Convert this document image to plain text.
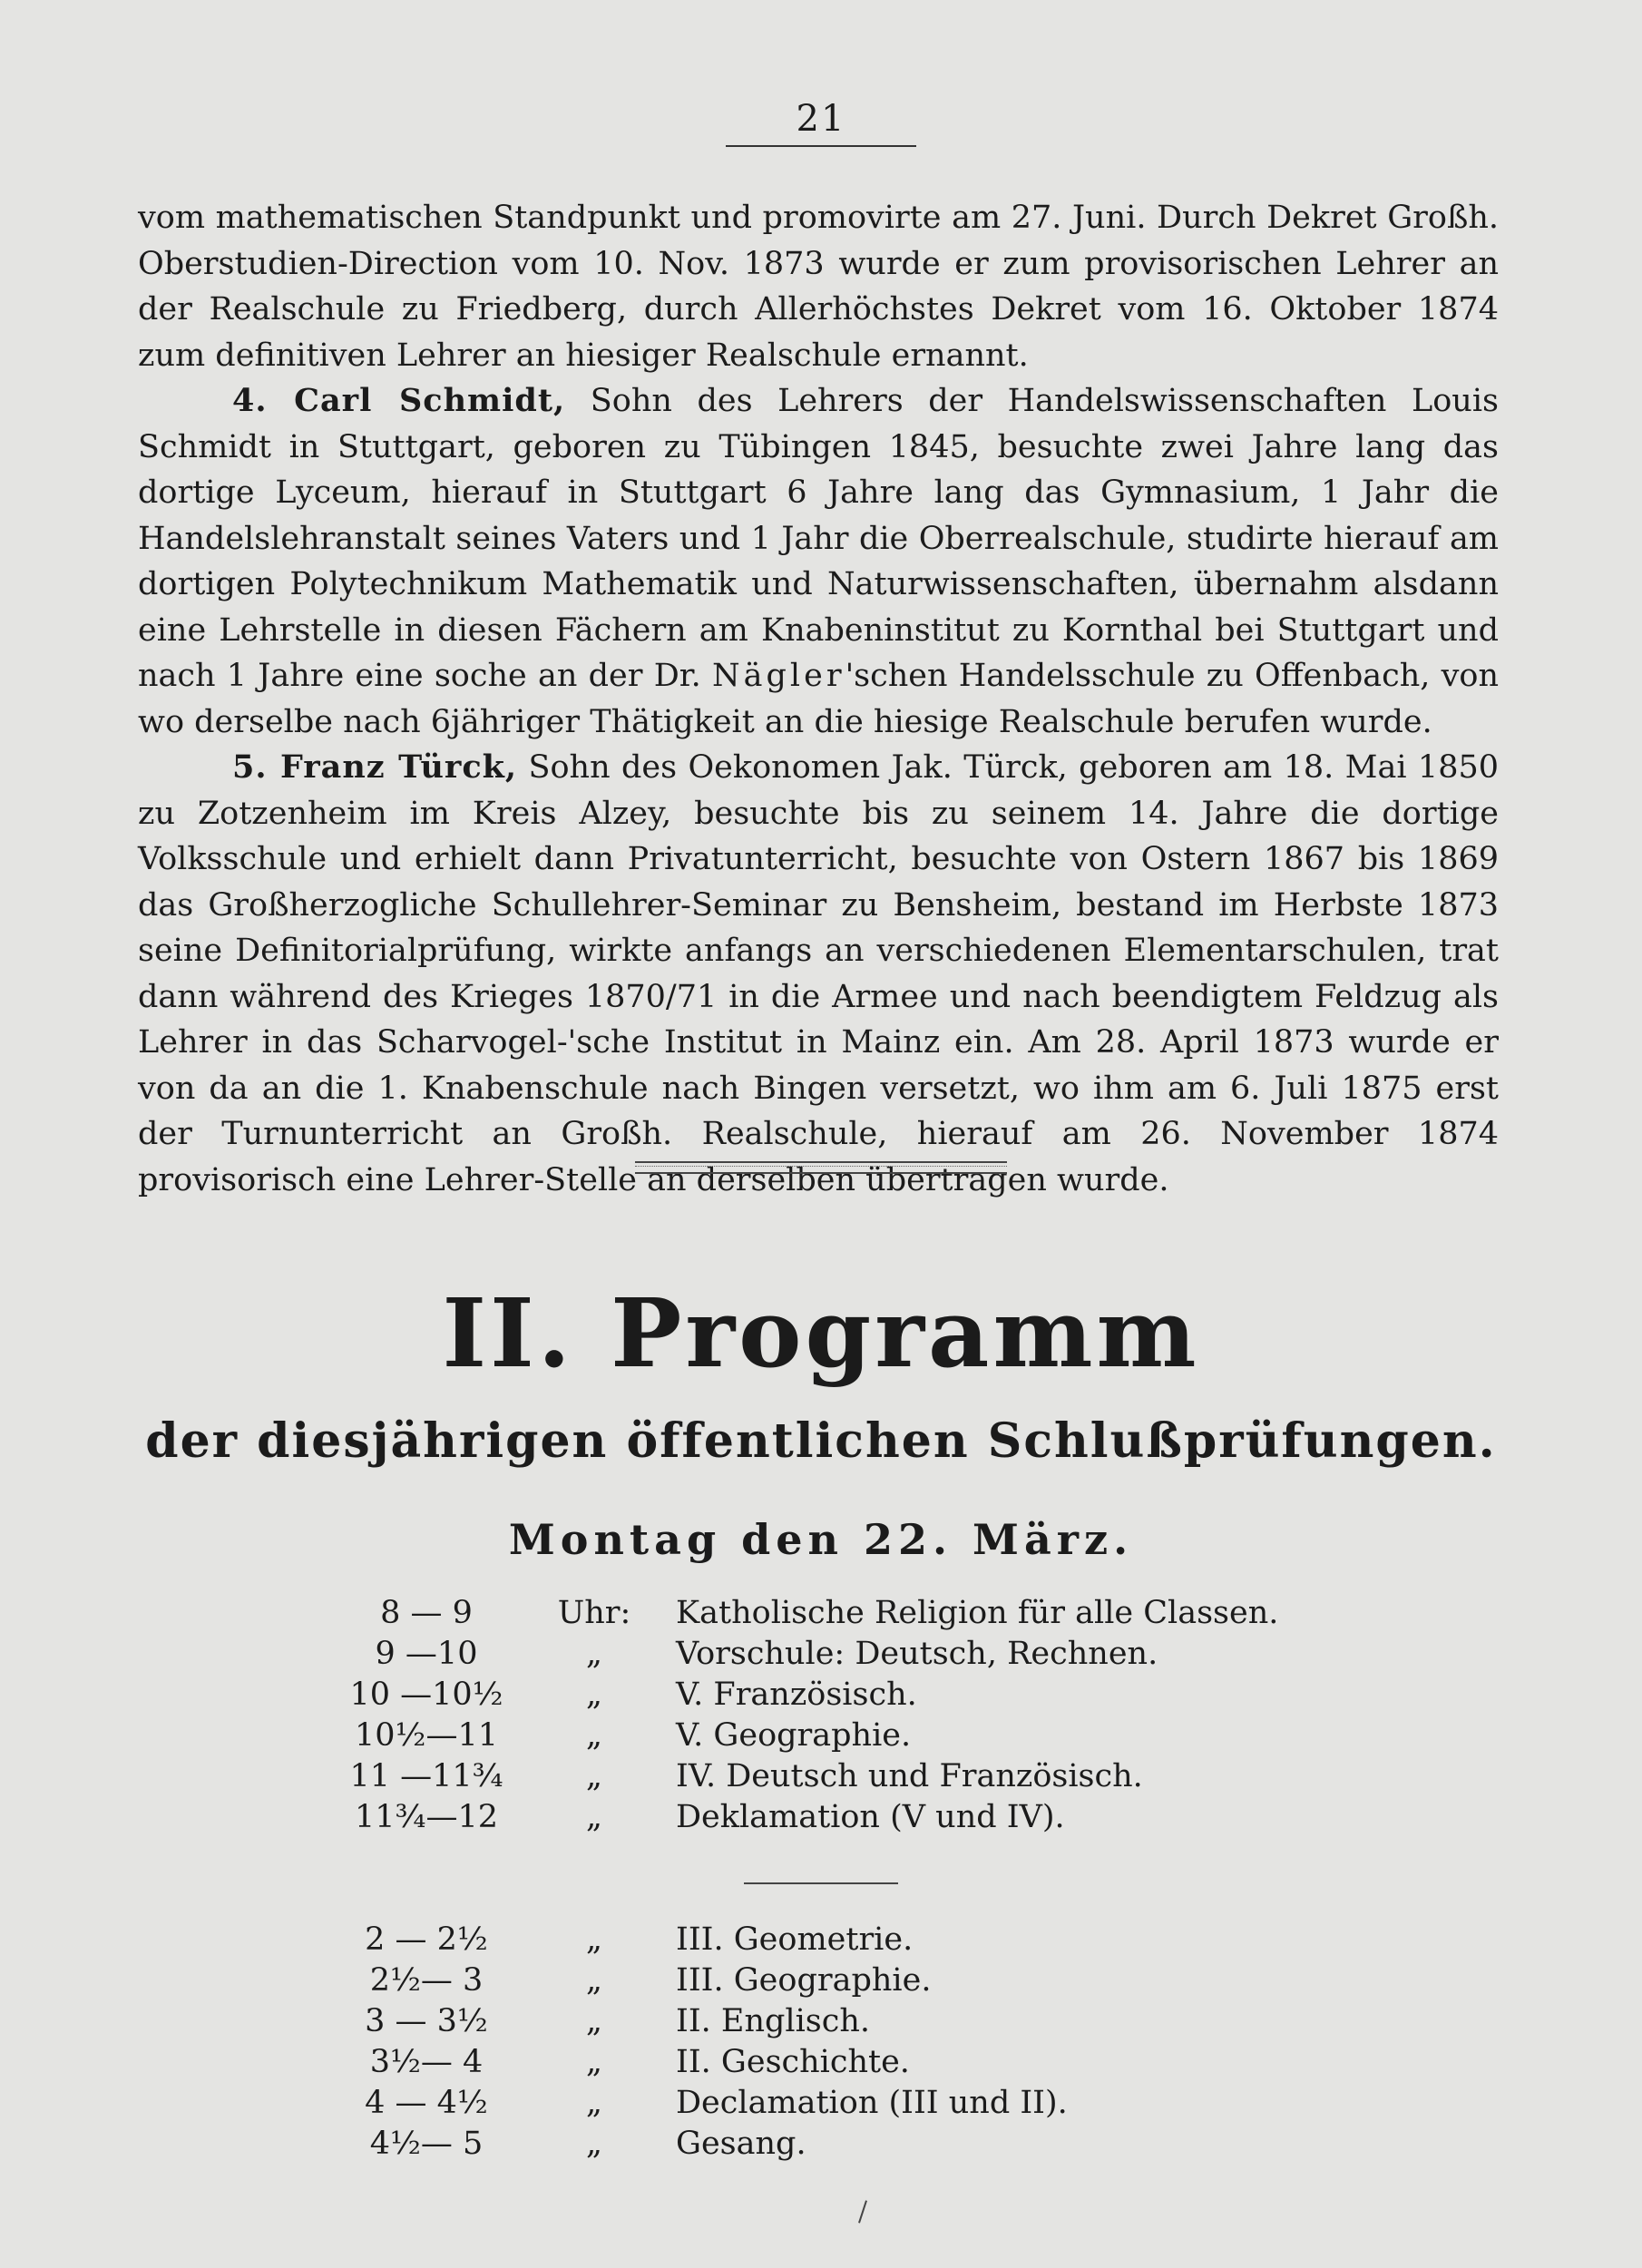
21

vom mathematischen Standpunkt und promovirte am 27. Juni. Durch Dekret Großh. Oberstudien-Direction vom 10. Nov. 1873 wurde er zum provisorischen Lehrer an der Realschule zu Friedberg, durch Allerhöchstes Dekret vom 16. Oktober 1874 zum definitiven Lehrer an hiesiger Realschule ernannt.

4. Carl Schmidt, Sohn des Lehrers der Handelswissenschaften Louis Schmidt in Stuttgart, geboren zu Tübingen 1845, besuchte zwei Jahre lang das dortige Lyceum, hierauf in Stuttgart 6 Jahre lang das Gymnasium, 1 Jahr die Handelslehranstalt seines Vaters und 1 Jahr die Oberrealschule, studirte hierauf am dortigen Polytechnikum Mathematik und Naturwissenschaften, übernahm alsdann eine Lehrstelle in diesen Fächern am Knabeninstitut zu Kornthal bei Stuttgart und nach 1 Jahre eine soche an der Dr. Nägler'schen Handelsschule zu Offenbach, von wo derselbe nach 6jähriger Thätigkeit an die hiesige Realschule berufen wurde.

5. Franz Türck, Sohn des Oekonomen Jak. Türck, geboren am 18. Mai 1850 zu Zotzenheim im Kreis Alzey, besuchte bis zu seinem 14. Jahre die dortige Volksschule und erhielt dann Privatunterricht, besuchte von Ostern 1867 bis 1869 das Großherzogliche Schullehrer-Seminar zu Bensheim, bestand im Herbste 1873 seine Definitorialprüfung, wirkte anfangs an verschiedenen Elementarschulen, trat dann während des Krieges 1870/71 in die Armee und nach beendigtem Feldzug als Lehrer in das Scharvogel-'sche Institut in Mainz ein. Am 28. April 1873 wurde er von da an die 1. Knabenschule nach Bingen versetzt, wo ihm am 6. Juli 1875 erst der Turnunterricht an Großh. Realschule, hierauf am 26. November 1874 provisorisch eine Lehrer-Stelle an derselben übertragen wurde.

II. Programm
der diesjährigen öffentlichen Schlußprüfungen.
Montag den 22. März.
8 — 9	Uhr: Katholische Religion für alle Classen.
9 —10	„	Vorschule: Deutsch, Rechnen.
10 —10½	„	V. Französisch.
10½—11	„	V. Geographie.
11 —11¾	„	IV. Deutsch und Französisch.
11¾—12	„	Deklamation (V und IV).
2 — 2½	„	III. Geometrie.
2½— 3	„	III. Geographie.
3 — 3½	„	II. Englisch.
3½— 4	„	II. Geschichte.
4 — 4½	„	Declamation (III und II).
4½— 5	„	Gesang.
